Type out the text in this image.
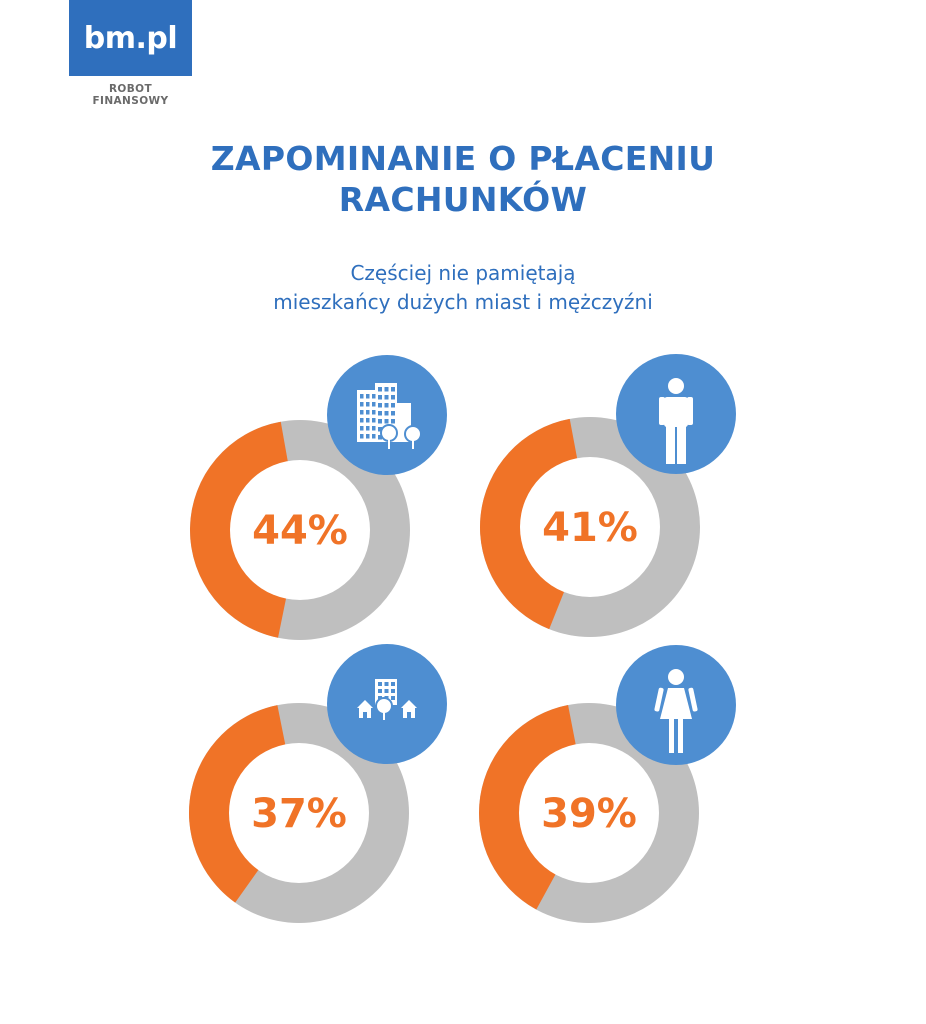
bm.pl
ROBOT FINANSOWY
ZAPOMINANIE O PŁACENIU
RACHUNKÓW
Częściej nie pamiętają
mieszkańcy dużych miast i mężczyźni
44%	41%
37%	39%
